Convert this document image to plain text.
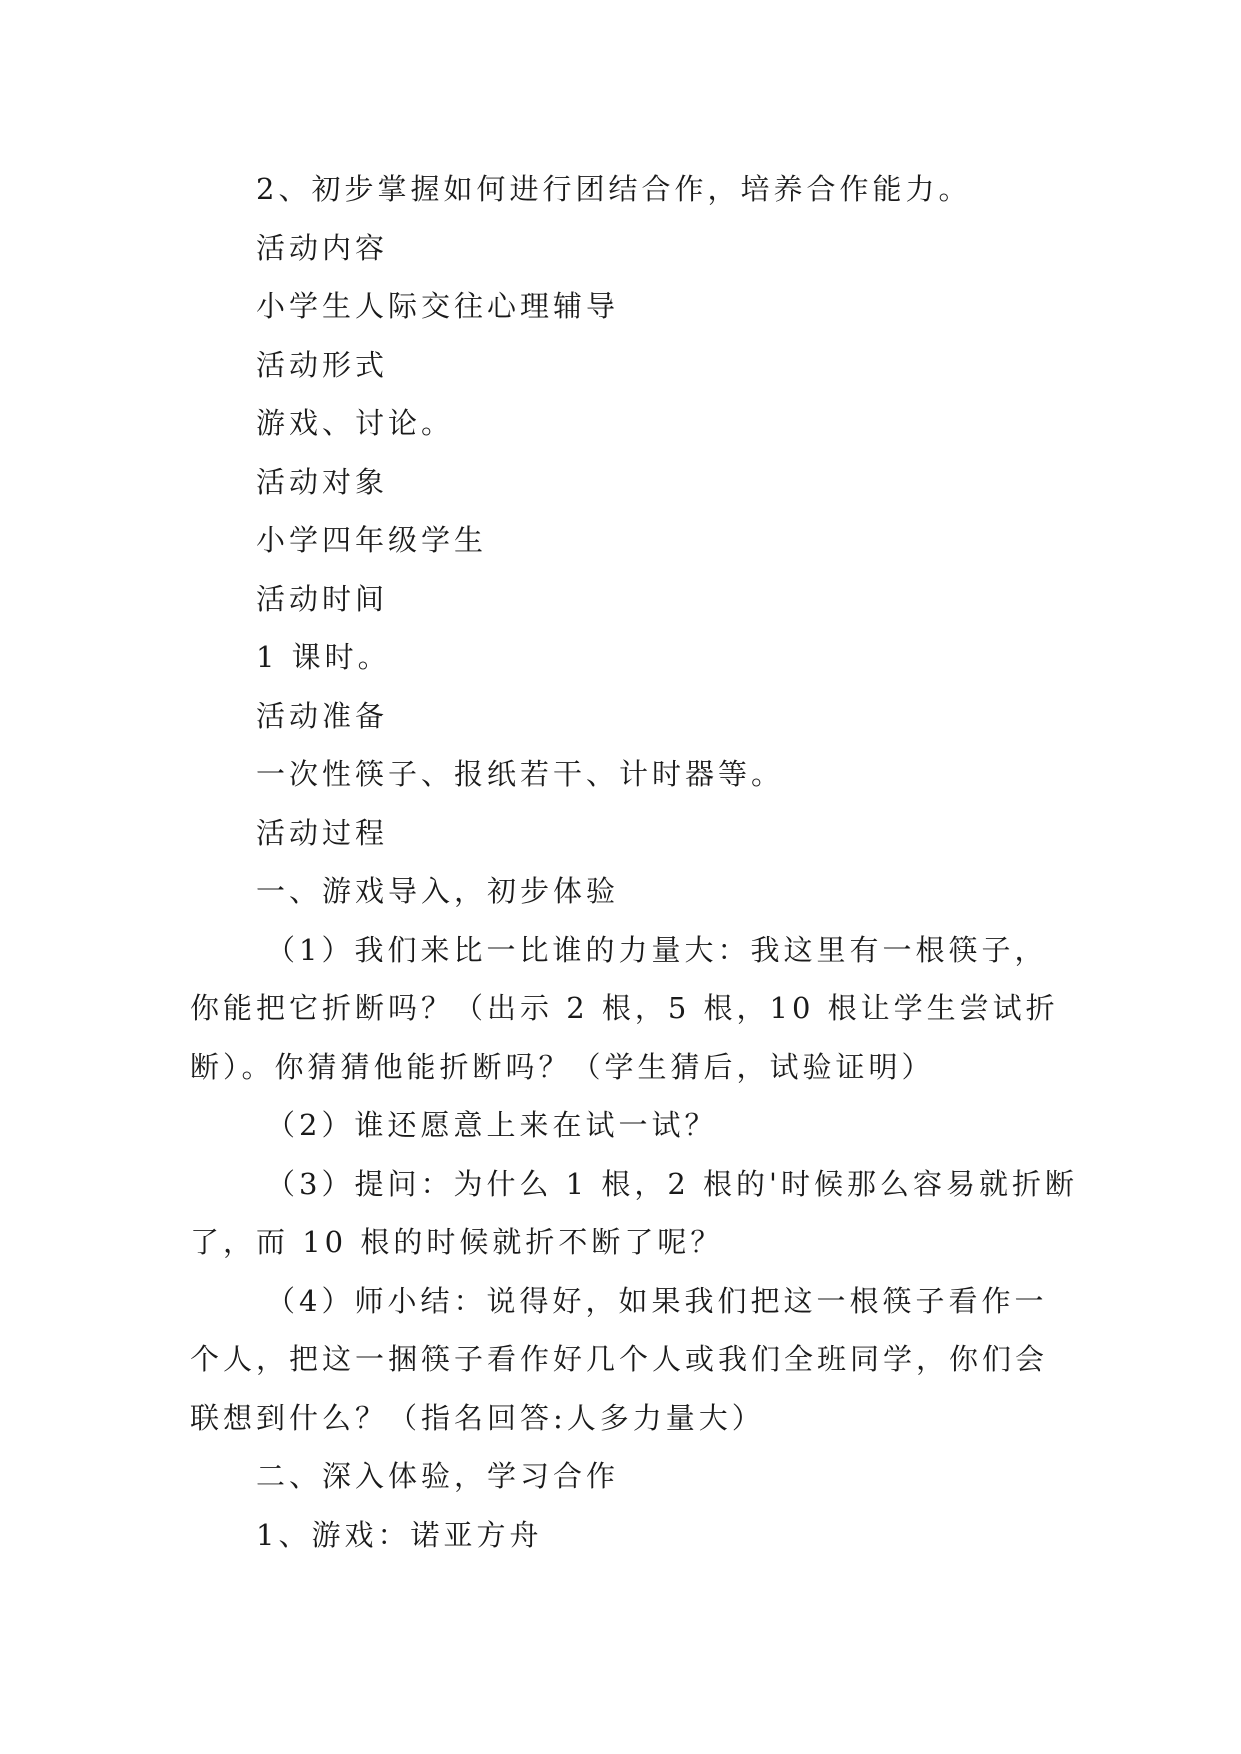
2、初步掌握如何进行团结合作，培养合作能力。

活动内容

小学生人际交往心理辅导

活动形式

游戏、讨论。

活动对象

小学四年级学生

活动时间

1 课时。

活动准备

一次性筷子、报纸若干、计时器等。

活动过程

一、游戏导入，初步体验

（1）我们来比一比谁的力量大：我这里有一根筷子，

你能把它折断吗？（出示 2 根，5 根，10 根让学生尝试折

断）。你猜猜他能折断吗？（学生猜后，试验证明）

（2）谁还愿意上来在试一试？

（3）提问：为什么 1 根，2 根的'时候那么容易就折断

了，而 10 根的时候就折不断了呢？

（4）师小结：说得好，如果我们把这一根筷子看作一

个人，把这一捆筷子看作好几个人或我们全班同学，你们会

联想到什么？（指名回答:人多力量大）

二、深入体验，学习合作

1、游戏：诺亚方舟
